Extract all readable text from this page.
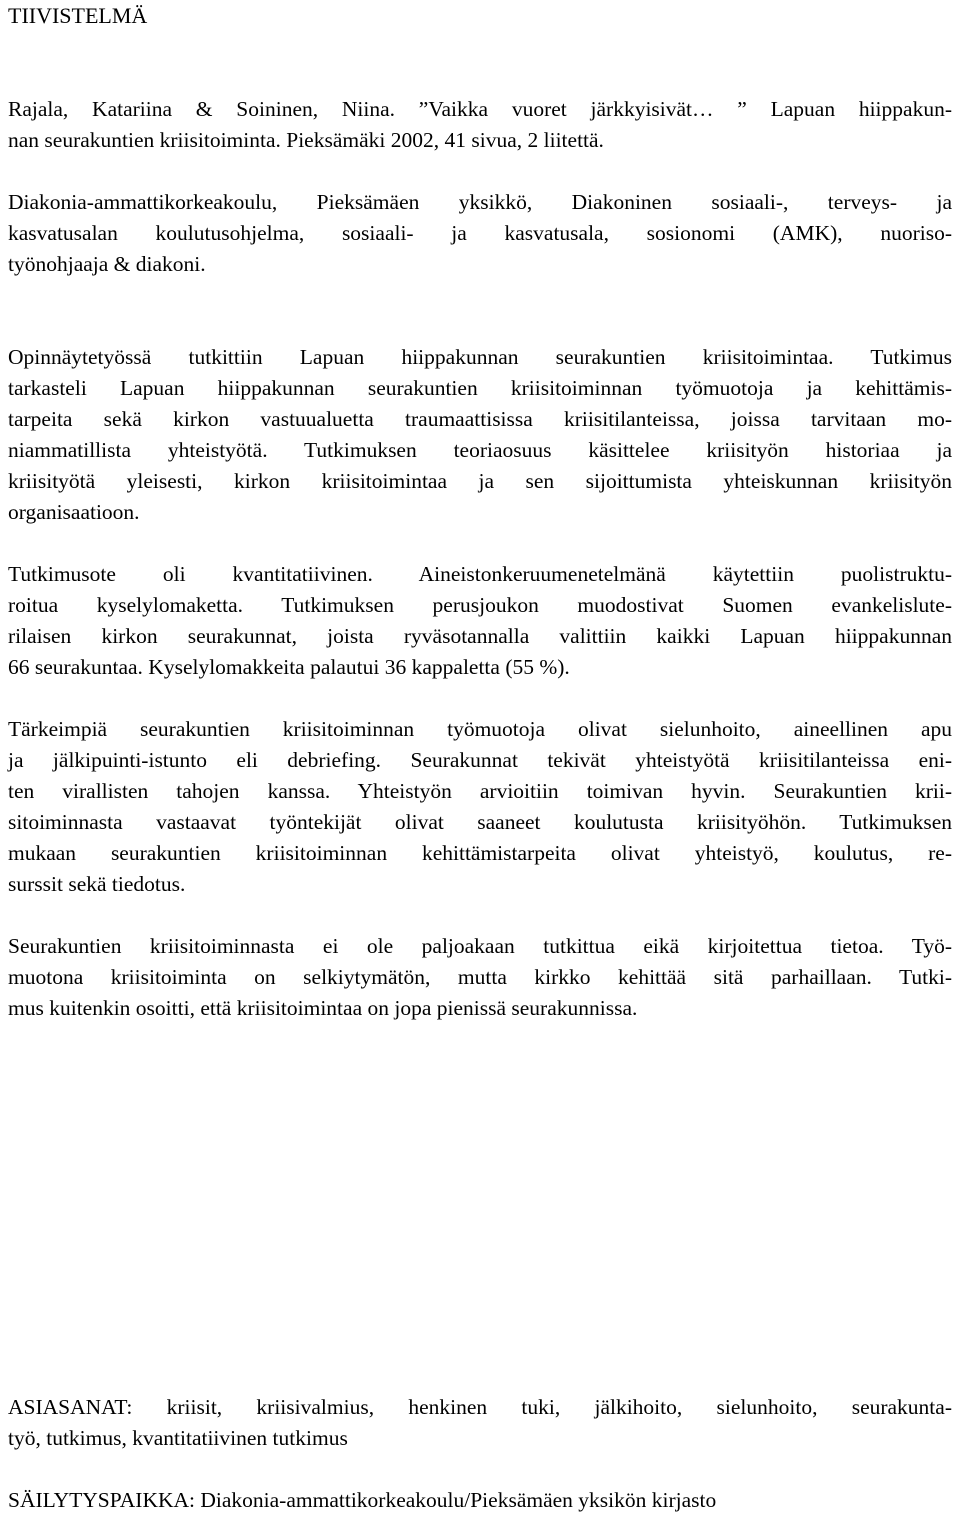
TIIVISTELMÄ
Rajala, Katariina & Soininen, Niina. ”Vaikka vuoret järkkyisivät… ” Lapuan hiippakun-
nan seurakuntien kriisitoiminta. Pieksämäki 2002, 41 sivua, 2 liitettä.
Diakonia-ammattikorkeakoulu, Pieksämäen yksikkö, Diakoninen sosiaali-, terveys- ja
kasvatusalan koulutusohjelma, sosiaali- ja kasvatusala, sosionomi (AMK), nuoriso-
työnohjaaja & diakoni.
Opinnäytetyössä tutkittiin Lapuan hiippakunnan seurakuntien kriisitoimintaa. Tutkimus
tarkasteli Lapuan hiippakunnan seurakuntien kriisitoiminnan työmuotoja ja kehittämis-
tarpeita sekä kirkon vastuualuetta traumaattisissa kriisitilanteissa, joissa tarvitaan mo-
niammatillista yhteistyötä. Tutkimuksen teoriaosuus käsittelee kriisityön historiaa ja
kriisityötä yleisesti, kirkon kriisitoimintaa ja sen sijoittumista yhteiskunnan kriisityön
organisaatioon.
Tutkimusote oli kvantitatiivinen. Aineistonkeruumenetelmänä käytettiin puolistruktu-
roitua kyselylomaketta. Tutkimuksen perusjoukon muodostivat Suomen evankelislute-
rilaisen kirkon seurakunnat, joista ryväsotannalla valittiin kaikki Lapuan hiippakunnan
66 seurakuntaa. Kyselylomakkeita palautui 36 kappaletta (55 %).
Tärkeimpiä seurakuntien kriisitoiminnan työmuotoja olivat sielunhoito, aineellinen apu
ja jälkipuinti-istunto eli debriefing. Seurakunnat tekivät yhteistyötä kriisitilanteissa eni-
ten virallisten tahojen kanssa. Yhteistyön arvioitiin toimivan hyvin. Seurakuntien krii-
sitoiminnasta vastaavat työntekijät olivat saaneet koulutusta kriisityöhön. Tutkimuksen
mukaan seurakuntien kriisitoiminnan kehittämistarpeita olivat yhteistyö, koulutus, re-
surssit sekä tiedotus.
Seurakuntien kriisitoiminnasta ei ole paljoakaan tutkittua eikä kirjoitettua tietoa. Työ-
muotona kriisitoiminta on selkiytymätön, mutta kirkko kehittää sitä parhaillaan. Tutki-
mus kuitenkin osoitti, että kriisitoimintaa on jopa pienissä seurakunnissa.
ASIASANAT: kriisit, kriisivalmius, henkinen tuki, jälkihoito, sielunhoito, seurakunta-
työ, tutkimus, kvantitatiivinen tutkimus
SÄILYTYSPAIKKA: Diakonia-ammattikorkeakoulu/Pieksämäen yksikön kirjasto
